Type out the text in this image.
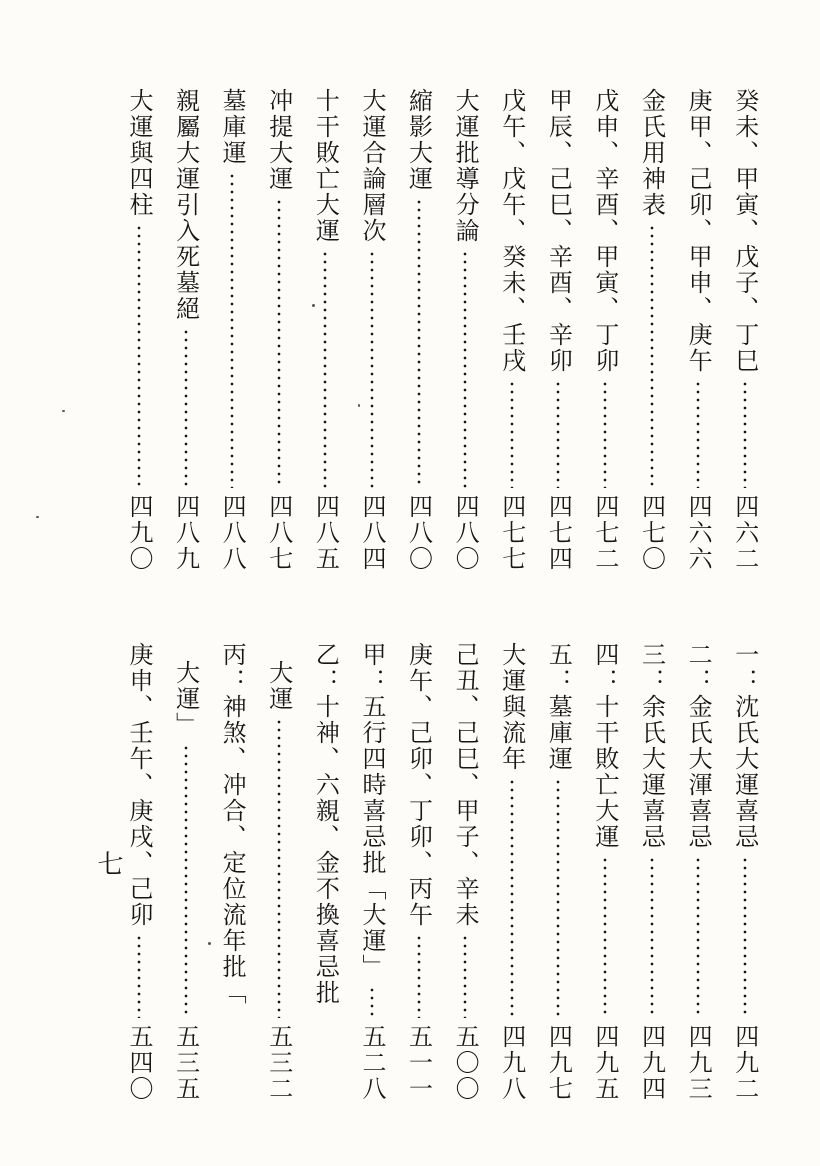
癸未、甲寅、戊子、丁巳
四六二
庚甲、己卯、甲申、庚午
四六六
金氏用神表
四七〇
戊申、辛酉、甲寅、丁卯
四七二
甲辰、己巳、辛酉、辛卯
四七四
戊午、戊午、癸未、壬戌
四七七
大運批導分論
四八〇
縮影大運
四八〇
大運合論層次
四八四
十干敗亡大運
四八五
冲提大運
四八七
墓庫運
四八八
親屬大運引入死墓絕
四八九
大運與四柱
四九〇
一：沈氏大運喜忌
四九二
二：金氏大渾喜忌
四九三
三：余氏大運喜忌
四九四
四：十干敗亡大運
四九五
五：墓庫運
四九七
大運與流年
四九八
己丑、己巳、甲子、辛未
五〇〇
庚午、己卯、丁卯、丙午
五一一
甲：五行四時喜忌批「大運」
五二八
乙：十神、六親、金不換喜忌批
大運
五三二
丙：神煞、冲合、定位流年批「
大運」
五三五
庚申、壬午、庚戌、己卯
五四〇
七
